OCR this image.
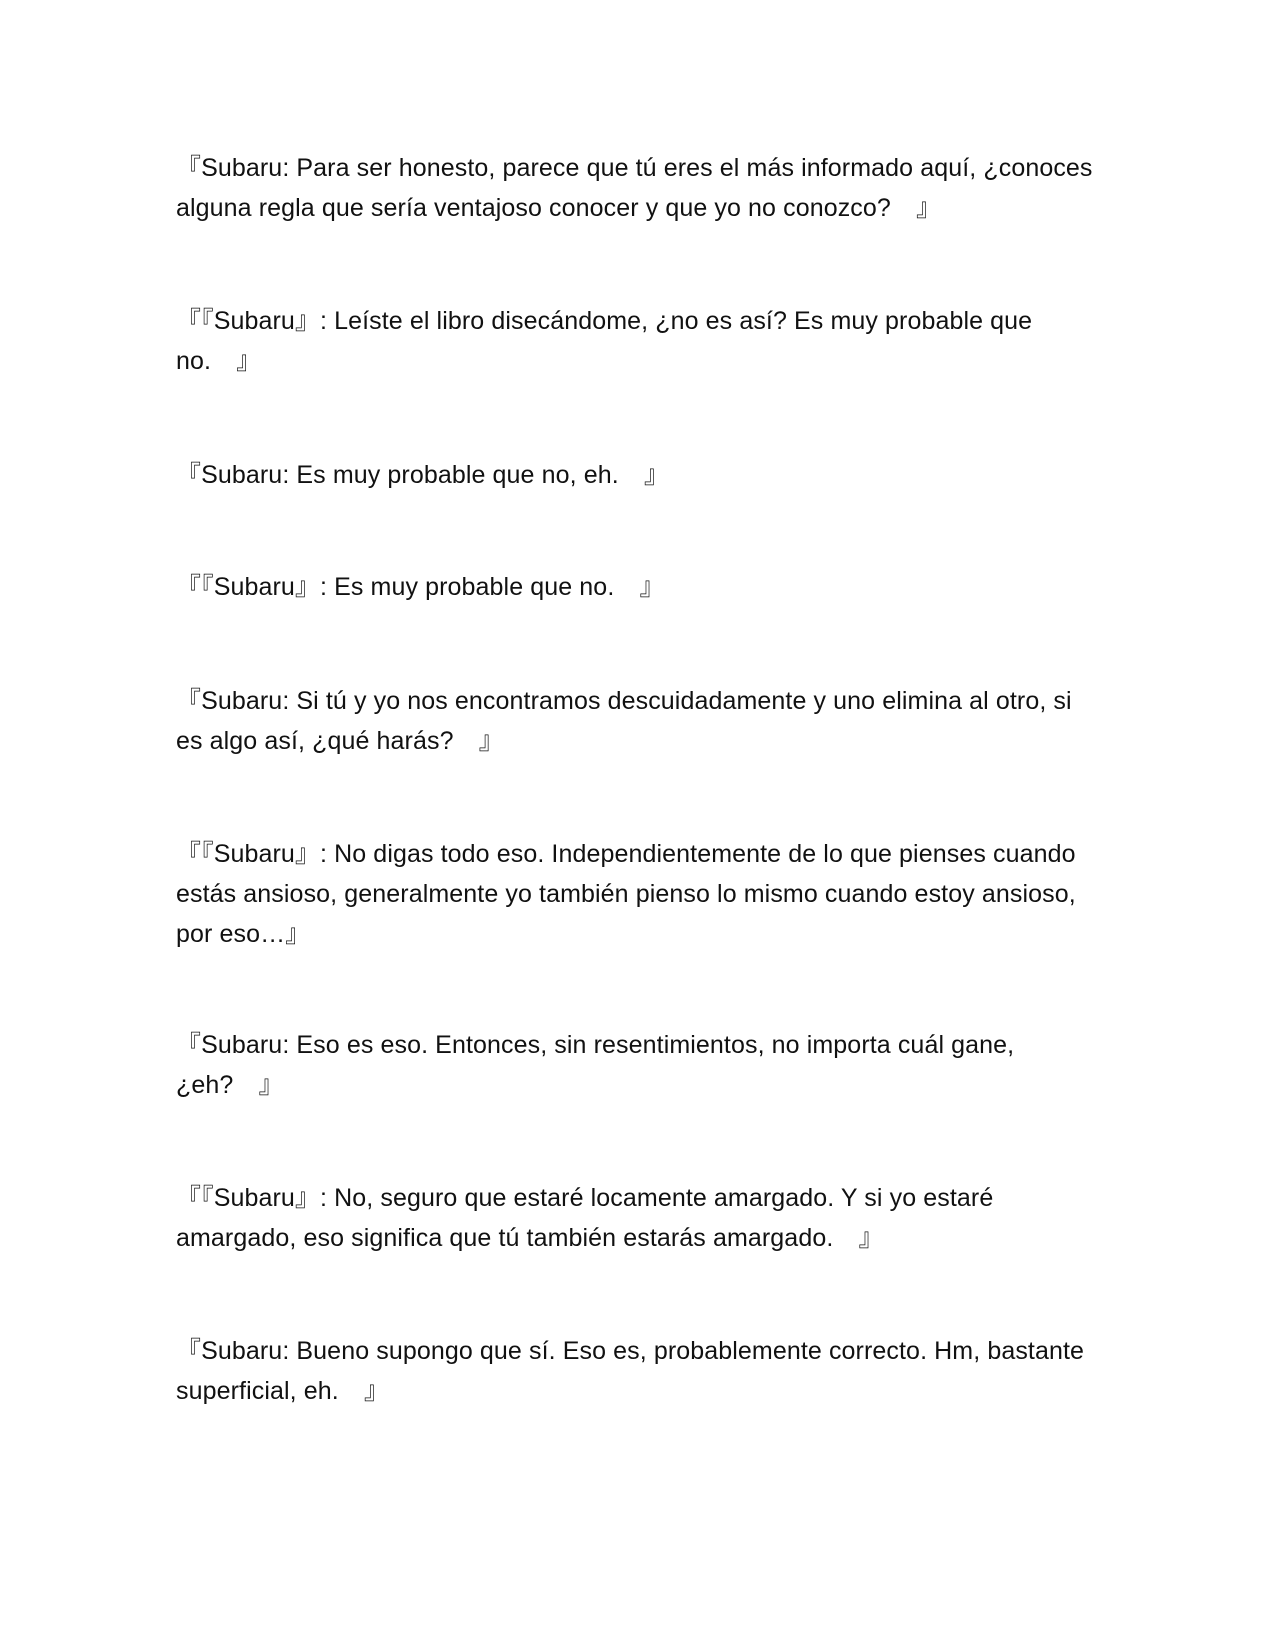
『Subaru: Para ser honesto, parece que tú eres el más informado aquí, ¿conoces alguna regla que sería ventajoso conocer y que yo no conozco?　』
『『Subaru』: Leíste el libro disecándome, ¿no es así? Es muy probable que no.　』
『Subaru: Es muy probable que no, eh.　』
『『Subaru』: Es muy probable que no.　』
『Subaru: Si tú y yo nos encontramos descuidadamente y uno elimina al otro, si es algo así, ¿qué harás?　』
『『Subaru』: No digas todo eso. Independientemente de lo que pienses cuando estás ansioso, generalmente yo también pienso lo mismo cuando estoy ansioso, por eso…』
『Subaru: Eso es eso. Entonces, sin resentimientos, no importa cuál gane, ¿eh?　』
『『Subaru』: No, seguro que estaré locamente amargado. Y si yo estaré amargado, eso significa que tú también estarás amargado.　』
『Subaru: Bueno supongo que sí. Eso es, probablemente correcto. Hm, bastante superficial, eh.　』
